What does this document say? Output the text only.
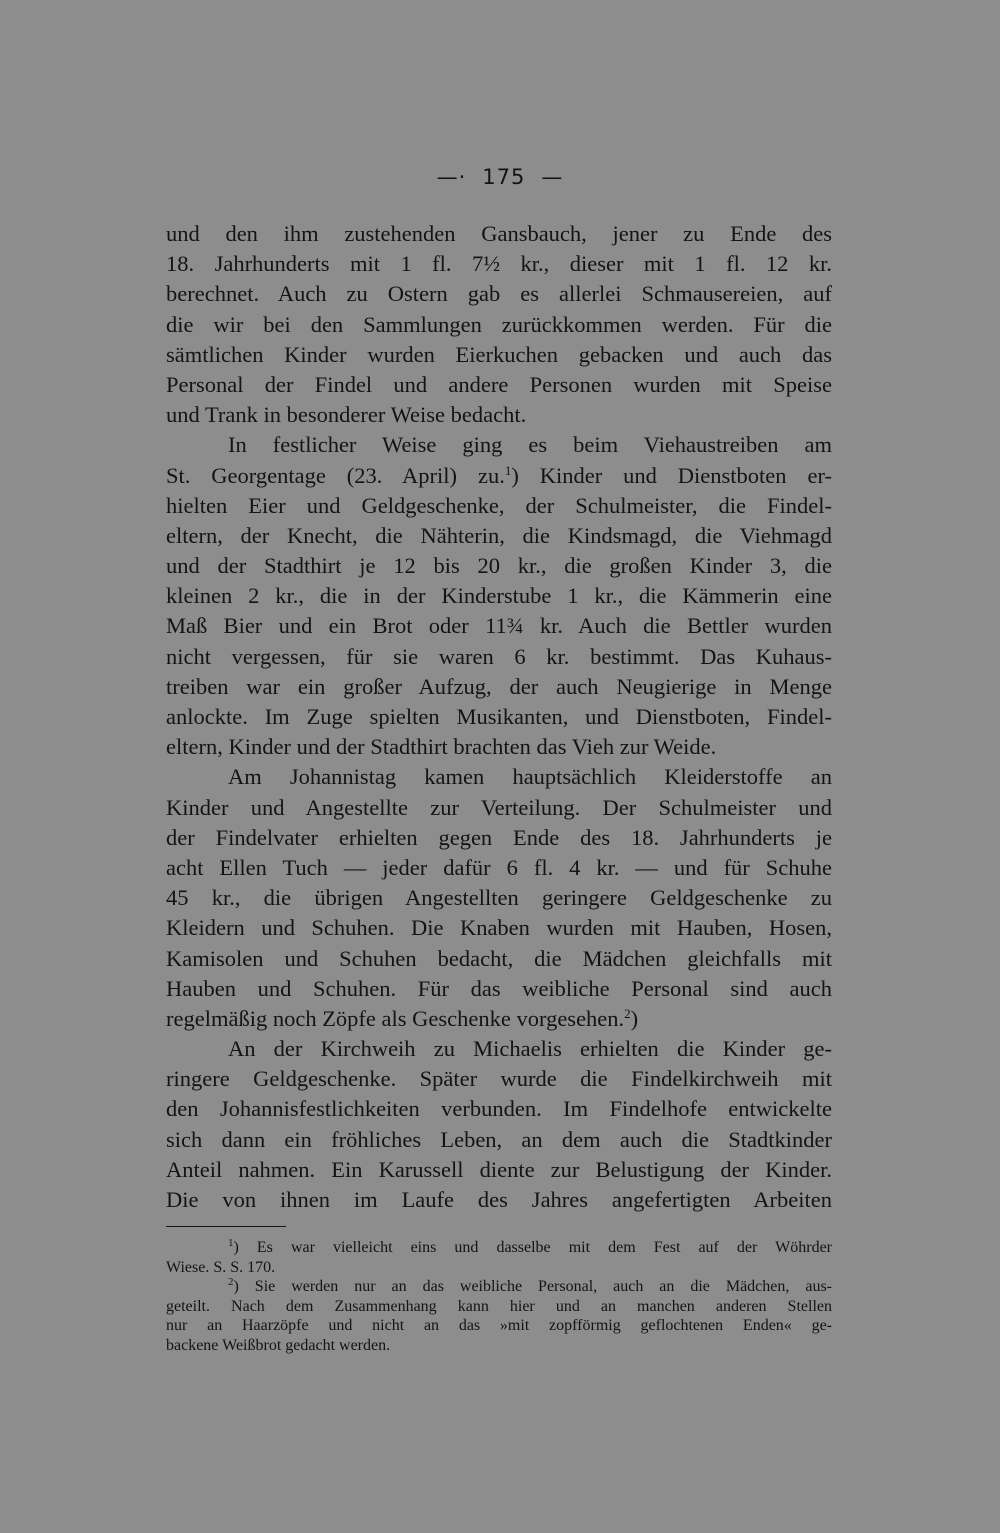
—· 175 —
und den ihm zustehenden Gansbauch, jener zu Ende des
18. Jahrhunderts mit 1 fl. 7½ kr., dieser mit 1 fl. 12 kr.
berechnet. Auch zu Ostern gab es allerlei Schmausereien, auf
die wir bei den Sammlungen zurückkommen werden. Für die
sämtlichen Kinder wurden Eierkuchen gebacken und auch das
Personal der Findel und andere Personen wurden mit Speise
und Trank in besonderer Weise bedacht.
In festlicher Weise ging es beim Viehaustreiben am
St. Georgentage (23. April) zu.$^1$) Kinder und Dienstboten er-
hielten Eier und Geldgeschenke, der Schulmeister, die Findel-
eltern, der Knecht, die Nähterin, die Kindsmagd, die Viehmagd
und der Stadthirt je 12 bis 20 kr., die großen Kinder 3, die
kleinen 2 kr., die in der Kinderstube 1 kr., die Kämmerin eine
Maß Bier und ein Brot oder 11¾ kr. Auch die Bettler wurden
nicht vergessen, für sie waren 6 kr. bestimmt. Das Kuhaus-
treiben war ein großer Aufzug, der auch Neugierige in Menge
anlockte. Im Zuge spielten Musikanten, und Dienstboten, Findel-
eltern, Kinder und der Stadthirt brachten das Vieh zur Weide.
Am Johannistag kamen hauptsächlich Kleiderstoffe an
Kinder und Angestellte zur Verteilung. Der Schulmeister und
der Findelvater erhielten gegen Ende des 18. Jahrhunderts je
acht Ellen Tuch — jeder dafür 6 fl. 4 kr. — und für Schuhe
45 kr., die übrigen Angestellten geringere Geldgeschenke zu
Kleidern und Schuhen. Die Knaben wurden mit Hauben, Hosen,
Kamisolen und Schuhen bedacht, die Mädchen gleichfalls mit
Hauben und Schuhen. Für das weibliche Personal sind auch
regelmäßig noch Zöpfe als Geschenke vorgesehen.$^2$)
An der Kirchweih zu Michaelis erhielten die Kinder ge-
ringere Geldgeschenke. Später wurde die Findelkirchweih mit
den Johannisfestlichkeiten verbunden. Im Findelhofe entwickelte
sich dann ein fröhliches Leben, an dem auch die Stadtkinder
Anteil nahmen. Ein Karussell diente zur Belustigung der Kinder.
Die von ihnen im Laufe des Jahres angefertigten Arbeiten
$^1$) Es war vielleicht eins und dasselbe mit dem Fest auf der Wöhrder
Wiese. S. S. 170.
$^2$) Sie werden nur an das weibliche Personal, auch an die Mädchen, aus-
geteilt. Nach dem Zusammenhang kann hier und an manchen anderen Stellen
nur an Haarzöpfe und nicht an das »mit zopfförmig geflochtenen Enden« ge-
backene Weißbrot gedacht werden.
